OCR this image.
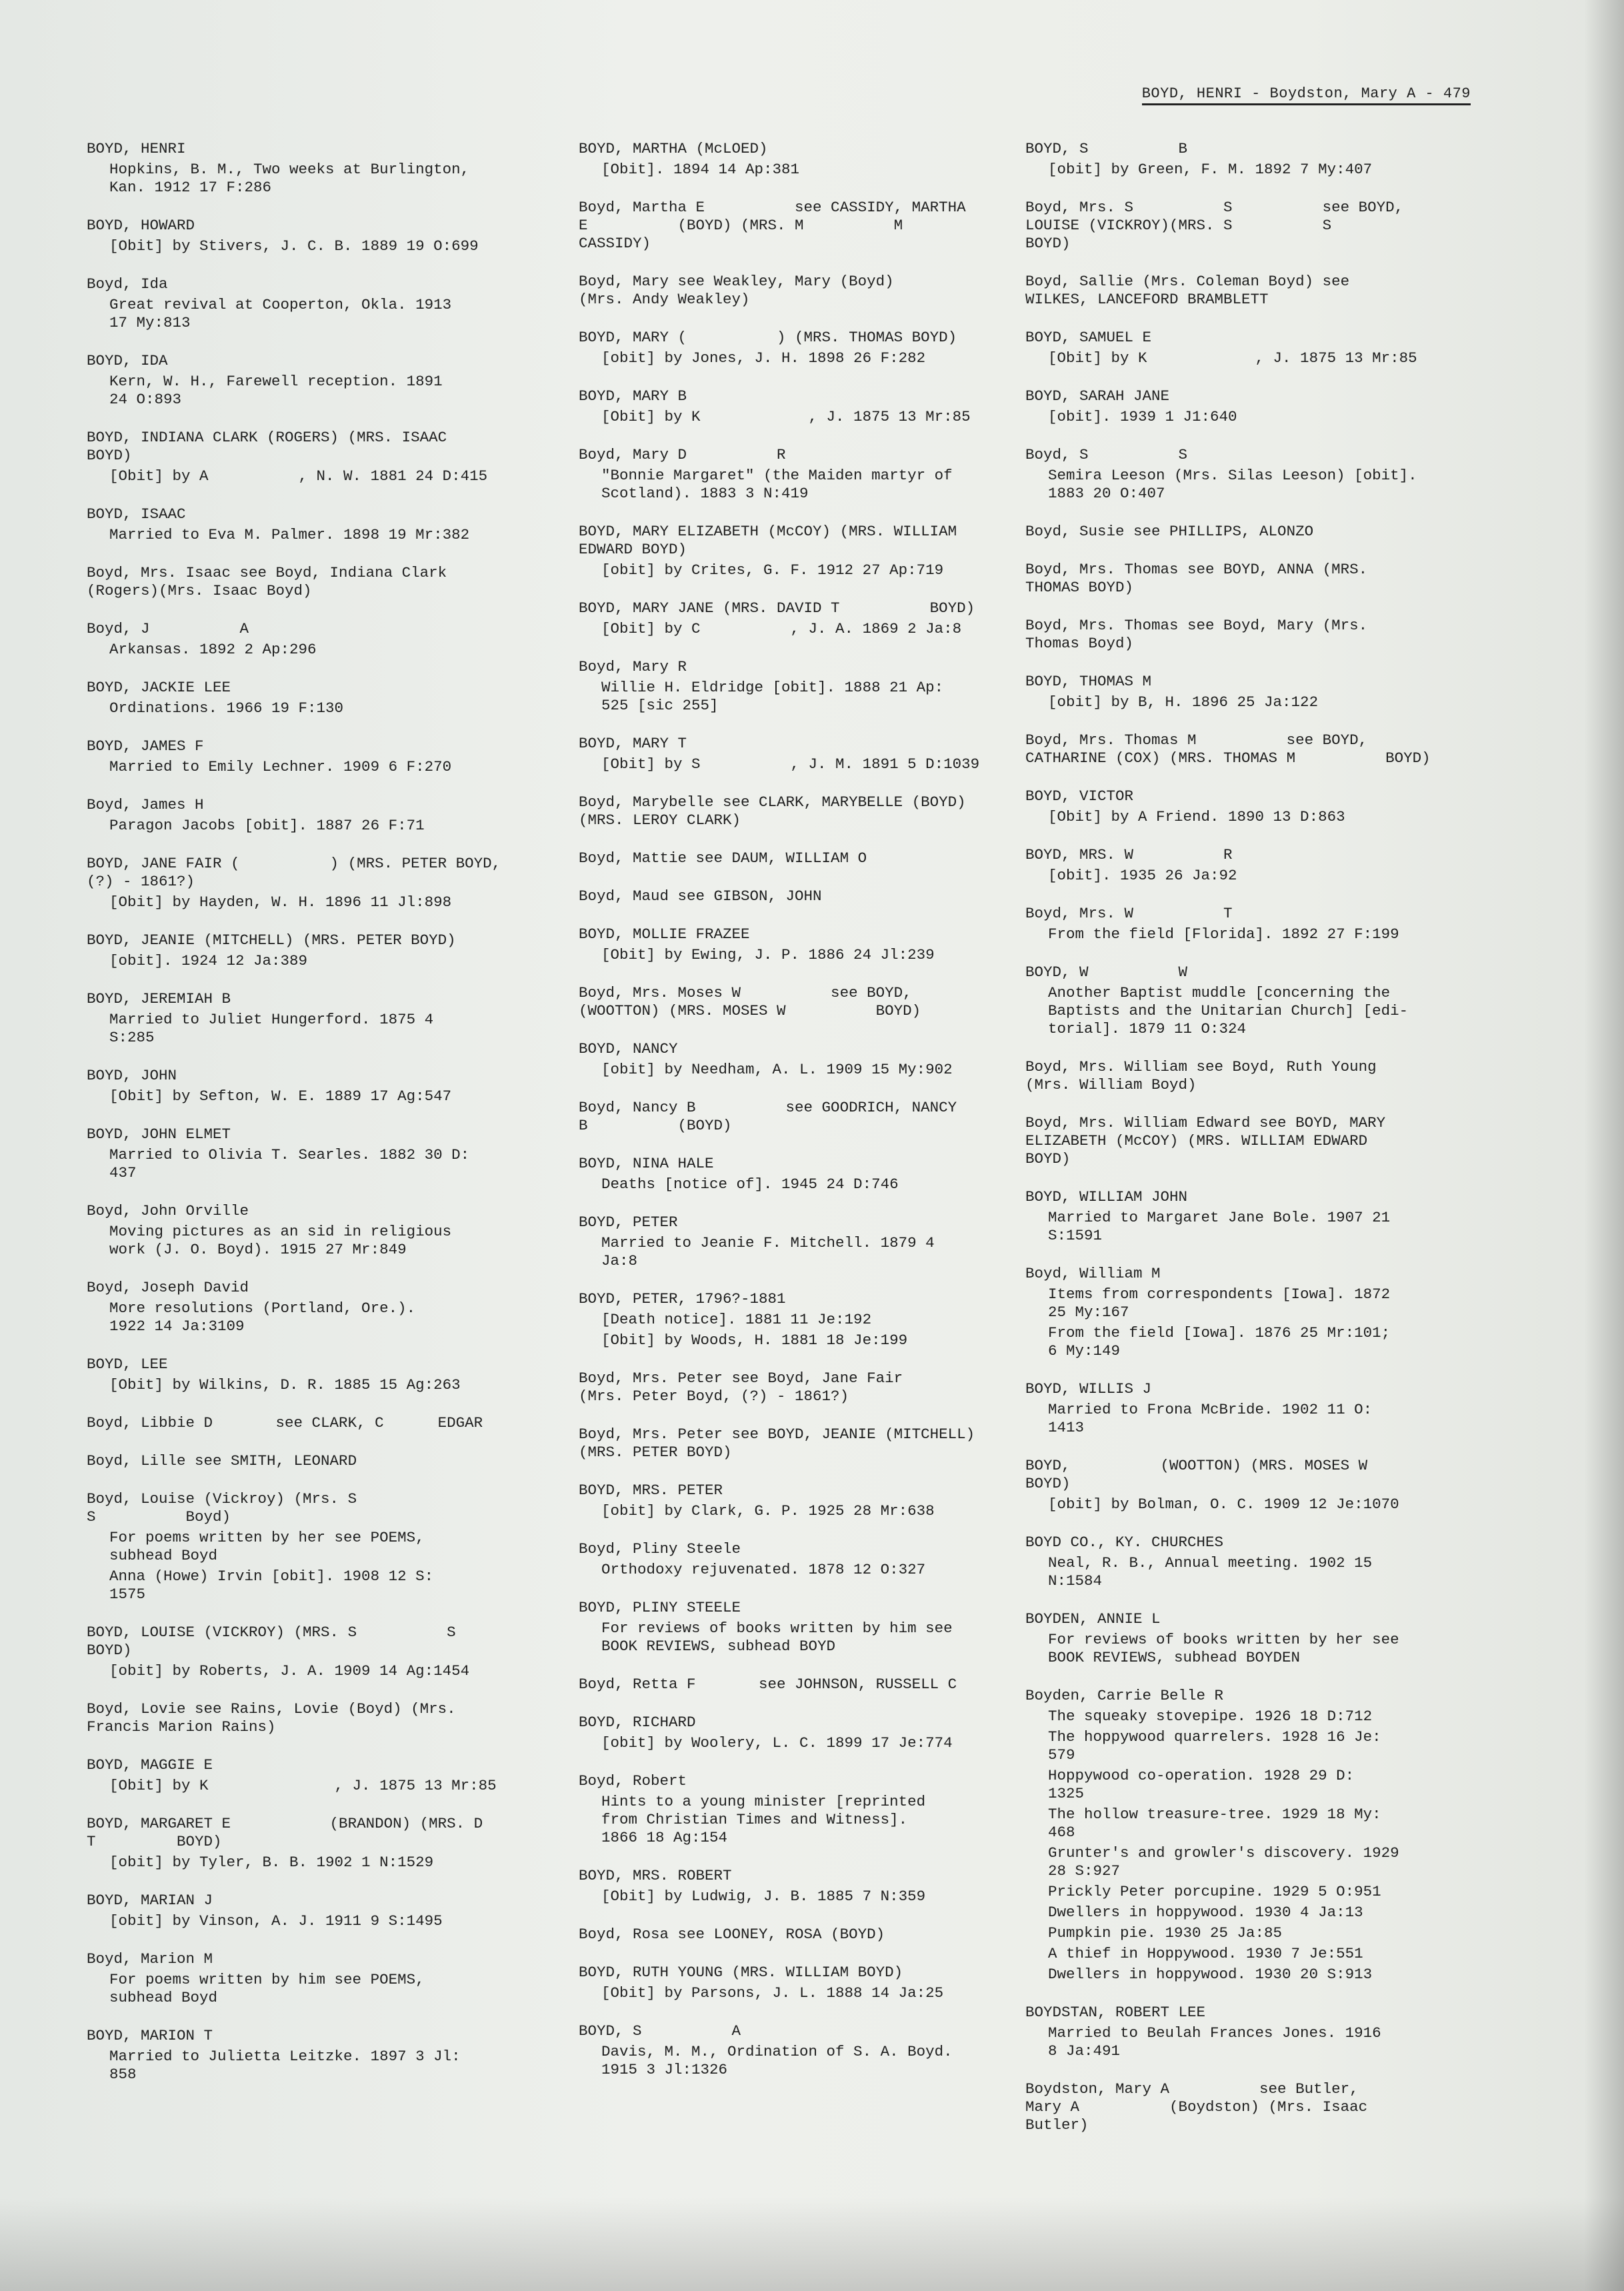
BOYD, HENRI - Boydston, Mary A - 479
BOYD, HENRI
Hopkins, B. M., Two weeks at Burlington,
Kan. 1912 17 F:286
BOYD, HOWARD
[Obit] by Stivers, J. C. B. 1889 19 O:699
Boyd, Ida
Great revival at Cooperton, Okla. 1913
17 My:813
BOYD, IDA
Kern, W. H., Farewell reception. 1891
24 O:893
BOYD, INDIANA CLARK (ROGERS) (MRS. ISAAC
BOYD)
[Obit] by A          , N. W. 1881 24 D:415
BOYD, ISAAC
Married to Eva M. Palmer. 1898 19 Mr:382
Boyd, Mrs. Isaac see Boyd, Indiana Clark
(Rogers)(Mrs. Isaac Boyd)
Boyd, J          A
Arkansas. 1892 2 Ap:296
BOYD, JACKIE LEE
Ordinations. 1966 19 F:130
BOYD, JAMES F
Married to Emily Lechner. 1909 6 F:270
Boyd, James H
Paragon Jacobs [obit]. 1887 26 F:71
BOYD, JANE FAIR (          ) (MRS. PETER BOYD,
(?) - 1861?)
[Obit] by Hayden, W. H. 1896 11 Jl:898
BOYD, JEANIE (MITCHELL) (MRS. PETER BOYD)
[obit]. 1924 12 Ja:389
BOYD, JEREMIAH B
Married to Juliet Hungerford. 1875 4
S:285
BOYD, JOHN
[Obit] by Sefton, W. E. 1889 17 Ag:547
BOYD, JOHN ELMET
Married to Olivia T. Searles. 1882 30 D:
437
Boyd, John Orville
Moving pictures as an sid in religious
work (J. O. Boyd). 1915 27 Mr:849
Boyd, Joseph David
More resolutions (Portland, Ore.).
1922 14 Ja:3109
BOYD, LEE
[Obit] by Wilkins, D. R. 1885 15 Ag:263
Boyd, Libbie D       see CLARK, C      EDGAR
Boyd, Lille see SMITH, LEONARD
Boyd, Louise (Vickroy) (Mrs. S
S          Boyd)
For poems written by her see POEMS,
subhead Boyd
Anna (Howe) Irvin [obit]. 1908 12 S:
1575
BOYD, LOUISE (VICKROY) (MRS. S          S
BOYD)
[obit] by Roberts, J. A. 1909 14 Ag:1454
Boyd, Lovie see Rains, Lovie (Boyd) (Mrs.
Francis Marion Rains)
BOYD, MAGGIE E
[Obit] by K              , J. 1875 13 Mr:85
BOYD, MARGARET E           (BRANDON) (MRS. D
T         BOYD)
[obit] by Tyler, B. B. 1902 1 N:1529
BOYD, MARIAN J
[obit] by Vinson, A. J. 1911 9 S:1495
Boyd, Marion M
For poems written by him see POEMS,
subhead Boyd
BOYD, MARION T
Married to Julietta Leitzke. 1897 3 Jl:
858
BOYD, MARTHA (McLOED)
[Obit]. 1894 14 Ap:381
Boyd, Martha E          see CASSIDY, MARTHA
E          (BOYD) (MRS. M          M
CASSIDY)
Boyd, Mary see Weakley, Mary (Boyd)
(Mrs. Andy Weakley)
BOYD, MARY (          ) (MRS. THOMAS BOYD)
[obit] by Jones, J. H. 1898 26 F:282
BOYD, MARY B
[Obit] by K            , J. 1875 13 Mr:85
Boyd, Mary D          R
"Bonnie Margaret" (the Maiden martyr of
Scotland). 1883 3 N:419
BOYD, MARY ELIZABETH (McCOY) (MRS. WILLIAM
EDWARD BOYD)
[obit] by Crites, G. F. 1912 27 Ap:719
BOYD, MARY JANE (MRS. DAVID T          BOYD)
[Obit] by C          , J. A. 1869 2 Ja:8
Boyd, Mary R
Willie H. Eldridge [obit]. 1888 21 Ap:
525 [sic 255]
BOYD, MARY T
[Obit] by S          , J. M. 1891 5 D:1039
Boyd, Marybelle see CLARK, MARYBELLE (BOYD)
(MRS. LEROY CLARK)
Boyd, Mattie see DAUM, WILLIAM O
Boyd, Maud see GIBSON, JOHN
BOYD, MOLLIE FRAZEE
[Obit] by Ewing, J. P. 1886 24 Jl:239
Boyd, Mrs. Moses W          see BOYD,
(WOOTTON) (MRS. MOSES W          BOYD)
BOYD, NANCY
[obit] by Needham, A. L. 1909 15 My:902
Boyd, Nancy B          see GOODRICH, NANCY
B          (BOYD)
BOYD, NINA HALE
Deaths [notice of]. 1945 24 D:746
BOYD, PETER
Married to Jeanie F. Mitchell. 1879 4
Ja:8
BOYD, PETER, 1796?-1881
[Death notice]. 1881 11 Je:192
[Obit] by Woods, H. 1881 18 Je:199
Boyd, Mrs. Peter see Boyd, Jane Fair
(Mrs. Peter Boyd, (?) - 1861?)
Boyd, Mrs. Peter see BOYD, JEANIE (MITCHELL)
(MRS. PETER BOYD)
BOYD, MRS. PETER
[obit] by Clark, G. P. 1925 28 Mr:638
Boyd, Pliny Steele
Orthodoxy rejuvenated. 1878 12 O:327
BOYD, PLINY STEELE
For reviews of books written by him see
BOOK REVIEWS, subhead BOYD
Boyd, Retta F       see JOHNSON, RUSSELL C
BOYD, RICHARD
[obit] by Woolery, L. C. 1899 17 Je:774
Boyd, Robert
Hints to a young minister [reprinted
from Christian Times and Witness].
1866 18 Ag:154
BOYD, MRS. ROBERT
[Obit] by Ludwig, J. B. 1885 7 N:359
Boyd, Rosa see LOONEY, ROSA (BOYD)
BOYD, RUTH YOUNG (MRS. WILLIAM BOYD)
[Obit] by Parsons, J. L. 1888 14 Ja:25
BOYD, S          A
Davis, M. M., Ordination of S. A. Boyd.
1915 3 Jl:1326
BOYD, S          B
[obit] by Green, F. M. 1892 7 My:407
Boyd, Mrs. S          S          see BOYD,
LOUISE (VICKROY)(MRS. S          S
BOYD)
Boyd, Sallie (Mrs. Coleman Boyd) see
WILKES, LANCEFORD BRAMBLETT
BOYD, SAMUEL E
[Obit] by K            , J. 1875 13 Mr:85
BOYD, SARAH JANE
[obit]. 1939 1 J1:640
Boyd, S          S
Semira Leeson (Mrs. Silas Leeson) [obit].
1883 20 O:407
Boyd, Susie see PHILLIPS, ALONZO
Boyd, Mrs. Thomas see BOYD, ANNA (MRS.
THOMAS BOYD)
Boyd, Mrs. Thomas see Boyd, Mary (Mrs.
Thomas Boyd)
BOYD, THOMAS M
[obit] by B, H. 1896 25 Ja:122
Boyd, Mrs. Thomas M          see BOYD,
CATHARINE (COX) (MRS. THOMAS M          BOYD)
BOYD, VICTOR
[Obit] by A Friend. 1890 13 D:863
BOYD, MRS. W          R
[obit]. 1935 26 Ja:92
Boyd, Mrs. W          T
From the field [Florida]. 1892 27 F:199
BOYD, W          W
Another Baptist muddle [concerning the
Baptists and the Unitarian Church] [edi-
torial]. 1879 11 O:324
Boyd, Mrs. William see Boyd, Ruth Young
(Mrs. William Boyd)
Boyd, Mrs. William Edward see BOYD, MARY
ELIZABETH (McCOY) (MRS. WILLIAM EDWARD
BOYD)
BOYD, WILLIAM JOHN
Married to Margaret Jane Bole. 1907 21
S:1591
Boyd, William M
Items from correspondents [Iowa]. 1872
25 My:167
From the field [Iowa]. 1876 25 Mr:101;
6 My:149
BOYD, WILLIS J
Married to Frona McBride. 1902 11 O:
1413
BOYD,          (WOOTTON) (MRS. MOSES W
BOYD)
[obit] by Bolman, O. C. 1909 12 Je:1070
BOYD CO., KY. CHURCHES
Neal, R. B., Annual meeting. 1902 15
N:1584
BOYDEN, ANNIE L
For reviews of books written by her see
BOOK REVIEWS, subhead BOYDEN
Boyden, Carrie Belle R
The squeaky stovepipe. 1926 18 D:712
The hoppywood quarrelers. 1928 16 Je:
579
Hoppywood co-operation. 1928 29 D:
1325
The hollow treasure-tree. 1929 18 My:
468
Grunter's and growler's discovery. 1929
28 S:927
Prickly Peter porcupine. 1929 5 O:951
Dwellers in hoppywood. 1930 4 Ja:13
Pumpkin pie. 1930 25 Ja:85
A thief in Hoppywood. 1930 7 Je:551
Dwellers in hoppywood. 1930 20 S:913
BOYDSTAN, ROBERT LEE
Married to Beulah Frances Jones. 1916
8 Ja:491
Boydston, Mary A          see Butler,
Mary A          (Boydston) (Mrs. Isaac
Butler)
